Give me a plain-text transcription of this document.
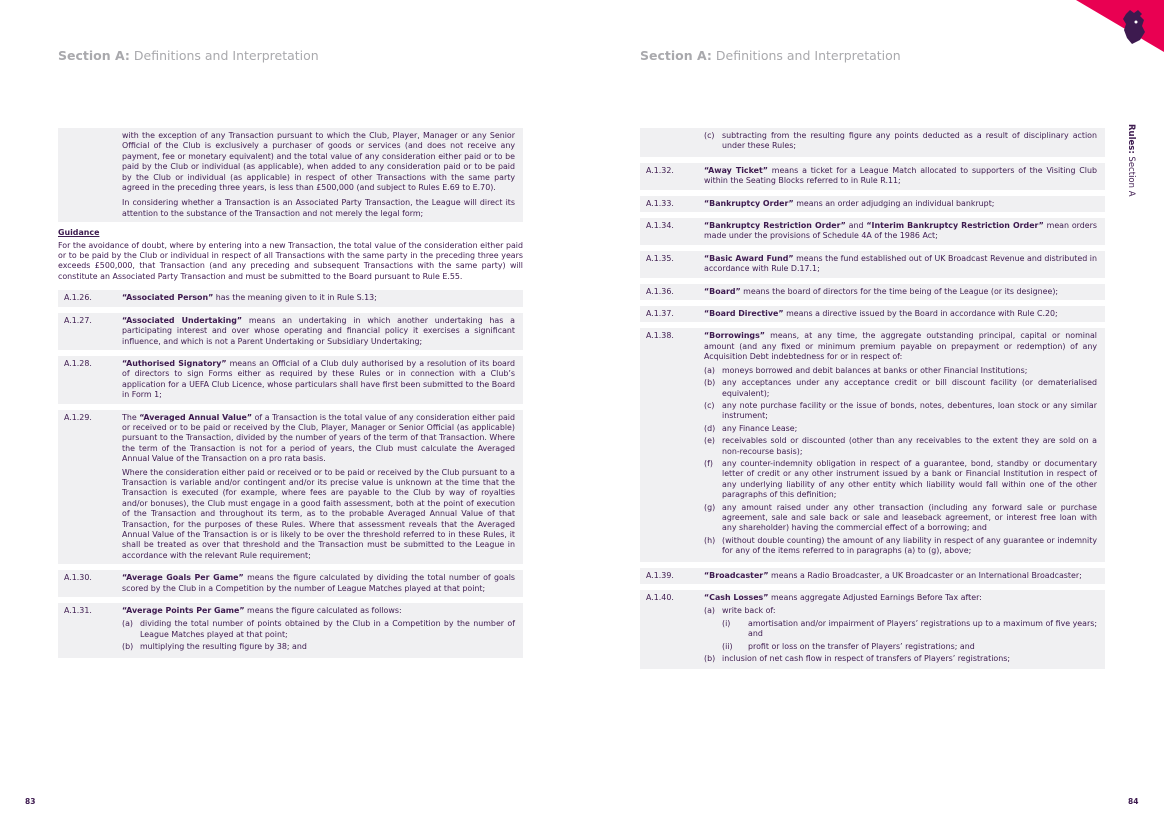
Section A: Definitions and Interpretation	Section A: Definitions and Interpretation
Rules: Section A
83	84

with the exception of any Transaction pursuant to which the Club, Player, Manager or any Senior Official of the Club is exclusively a purchaser of goods or services (and does not receive any payment, fee or monetary equivalent) and the total value of any consideration either paid or to be paid by the Club or individual (as applicable), when added to any consideration paid or to be paid by the Club or individual (as applicable) in respect of other Transactions with the same party agreed in the preceding three years, is less than £500,000 (and subject to Rules E.69 to E.70).

In considering whether a Transaction is an Associated Party Transaction, the League will direct its attention to the substance of the Transaction and not merely the legal form;

Guidance

For the avoidance of doubt, where by entering into a new Transaction, the total value of the consideration either paid or to be paid by the Club or individual in respect of all Transactions with the same party in the preceding three years exceeds £500,000, that Transaction (and any preceding and subsequent Transactions with the same party) will constitute an Associated Party Transaction and must be submitted to the Board pursuant to Rule E.55.

A.1.26.	“Associated Person” has the meaning given to it in Rule S.13;

A.1.27.	“Associated Undertaking” means an undertaking in which another undertaking has a participating interest and over whose operating and financial policy it exercises a significant influence, and which is not a Parent Undertaking or Subsidiary Undertaking;

A.1.28.	“Authorised Signatory” means an Official of a Club duly authorised by a resolution of its board of directors to sign Forms either as required by these Rules or in connection with a Club’s application for a UEFA Club Licence, whose particulars shall have first been submitted to the Board in Form 1;

A.1.29.	The “Averaged Annual Value” of a Transaction is the total value of any consideration either paid or received or to be paid or received by the Club, Player, Manager or Senior Official (as applicable) pursuant to the Transaction, divided by the number of years of the term of that Transaction. Where the term of the Transaction is not for a period of years, the Club must calculate the Averaged Annual Value of the Transaction on a pro rata basis.

Where the consideration either paid or received or to be paid or received by the Club pursuant to a Transaction is variable and/or contingent and/or its precise value is unknown at the time that the Transaction is executed (for example, where fees are payable to the Club by way of royalties and/or bonuses), the Club must engage in a good faith assessment, both at the point of execution of the Transaction and throughout its term, as to the probable Averaged Annual Value of that Transaction, for the purposes of these Rules. Where that assessment reveals that the Averaged Annual Value of the Transaction is or is likely to be over the threshold referred to in these Rules, it shall be treated as over that threshold and the Transaction must be submitted to the League in accordance with the relevant Rule requirement;

A.1.30.	“Average Goals Per Game” means the figure calculated by dividing the total number of goals scored by the Club in a Competition by the number of League Matches played at that point;

A.1.31.	“Average Points Per Game” means the figure calculated as follows:

(a) dividing the total number of points obtained by the Club in a Competition by the number of League Matches played at that point;
(b) multiplying the resulting figure by 38; and
(c) subtracting from the resulting figure any points deducted as a result of disciplinary action under these Rules;
A.1.32.	“Away Ticket” means a ticket for a League Match allocated to supporters of the Visiting Club within the Seating Blocks referred to in Rule R.11;

A.1.33.	“Bankruptcy Order” means an order adjudging an individual bankrupt;

A.1.34.	“Bankruptcy Restriction Order” and “Interim Bankruptcy Restriction Order” mean orders made under the provisions of Schedule 4A of the 1986 Act;

A.1.35.	“Basic Award Fund” means the fund established out of UK Broadcast Revenue and distributed in accordance with Rule D.17.1;

A.1.36.	“Board” means the board of directors for the time being of the League (or its designee);

A.1.37.	“Board Directive” means a directive issued by the Board in accordance with Rule C.20;

A.1.38.	“Borrowings” means, at any time, the aggregate outstanding principal, capital or nominal amount (and any fixed or minimum premium payable on prepayment or redemption) of any Acquisition Debt indebtedness for or in respect of:

(a) moneys borrowed and debit balances at banks or other Financial Institutions;
(b) any acceptances under any acceptance credit or bill discount facility (or dematerialised equivalent);
(c) any note purchase facility or the issue of bonds, notes, debentures, loan stock or any similar instrument;
(d) any Finance Lease;
(e) receivables sold or discounted (other than any receivables to the extent they are sold on a non-recourse basis);
(f)	any counter-indemnity obligation in respect of a guarantee, bond, standby or documentary letter of credit or any other instrument issued by a bank or Financial Institution in respect of any underlying liability of any other entity which liability would fall within one of the other paragraphs of this definition;
(g) any amount raised under any other transaction (including any forward sale or purchase agreement, sale and sale back or sale and leaseback agreement, or interest free loan with any shareholder) having the commercial effect of a borrowing; and
(h) (without double counting) the amount of any liability in respect of any guarantee or indemnity for any of the items referred to in paragraphs (a) to (g), above;
A.1.39.	“Broadcaster” means a Radio Broadcaster, a UK Broadcaster or an International Broadcaster;

A.1.40.	“Cash Losses” means aggregate Adjusted Earnings Before Tax after:

(a) write back of:
(i)	amortisation and/or impairment of Players’ registrations up to a maximum of five years; and
(ii)	profit or loss on the transfer of Players’ registrations; and
(b) inclusion of net cash flow in respect of transfers of Players’ registrations;
